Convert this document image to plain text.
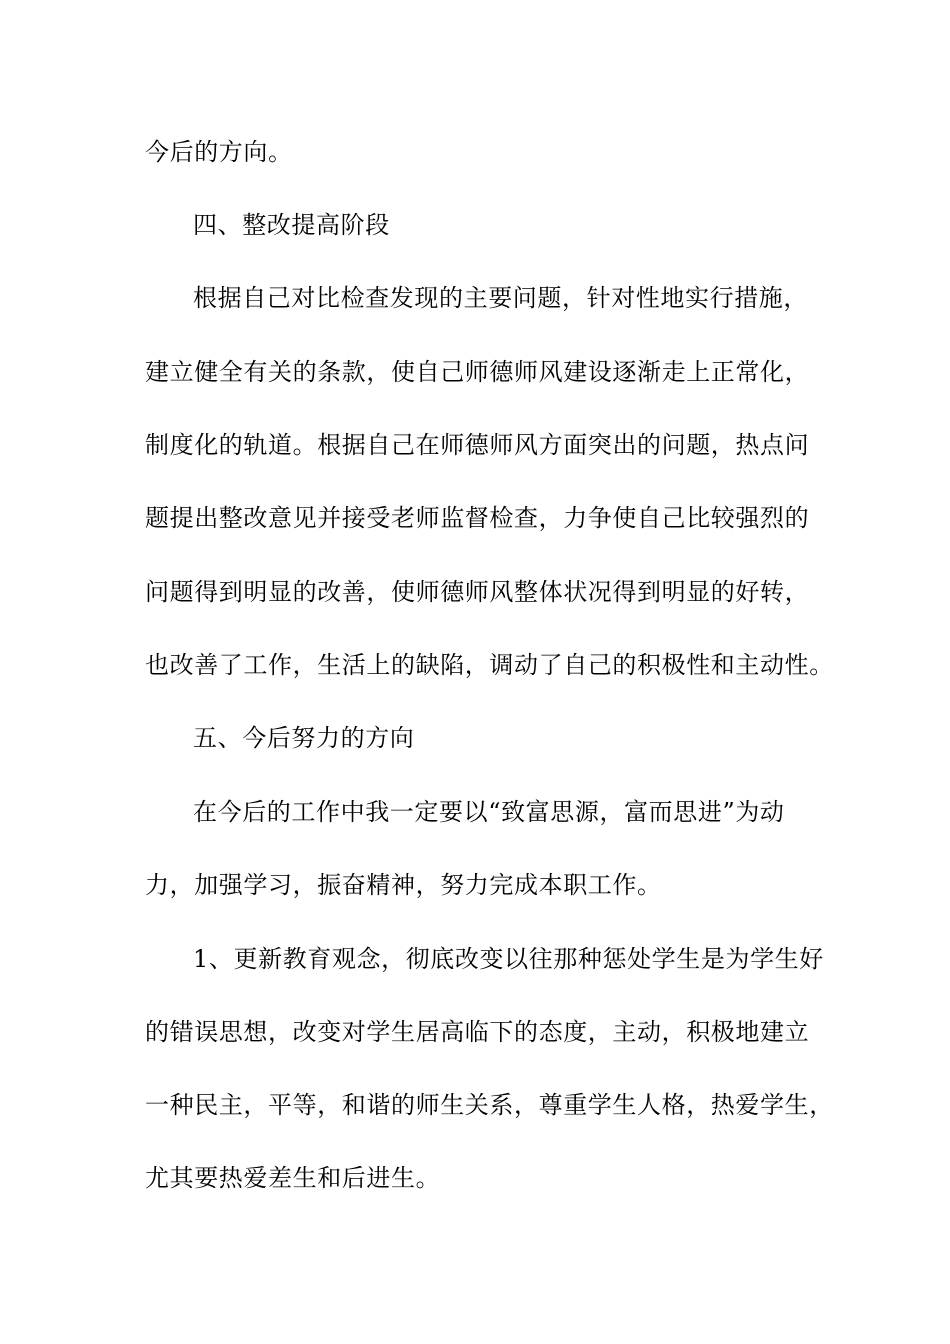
今后的方向。
四、整改提高阶段
根据自己对比检查发现的主要问题，针对性地实行措施，
建立健全有关的条款，使自己师德师风建设逐渐走上正常化，
制度化的轨道。根据自己在师德师风方面突出的问题，热点问
题提出整改意见并接受老师监督检查，力争使自己比较强烈的
问题得到明显的改善，使师德师风整体状况得到明显的好转，
也改善了工作，生活上的缺陷，调动了自己的积极性和主动性。
五、今后努力的方向
在今后的工作中我一定要以“致富思源，富而思进”为动
力，加强学习，振奋精神，努力完成本职工作。
1、更新教育观念，彻底改变以往那种惩处学生是为学生好
的错误思想，改变对学生居高临下的态度，主动，积极地建立
一种民主，平等，和谐的师生关系，尊重学生人格，热爱学生，
尤其要热爱差生和后进生。
